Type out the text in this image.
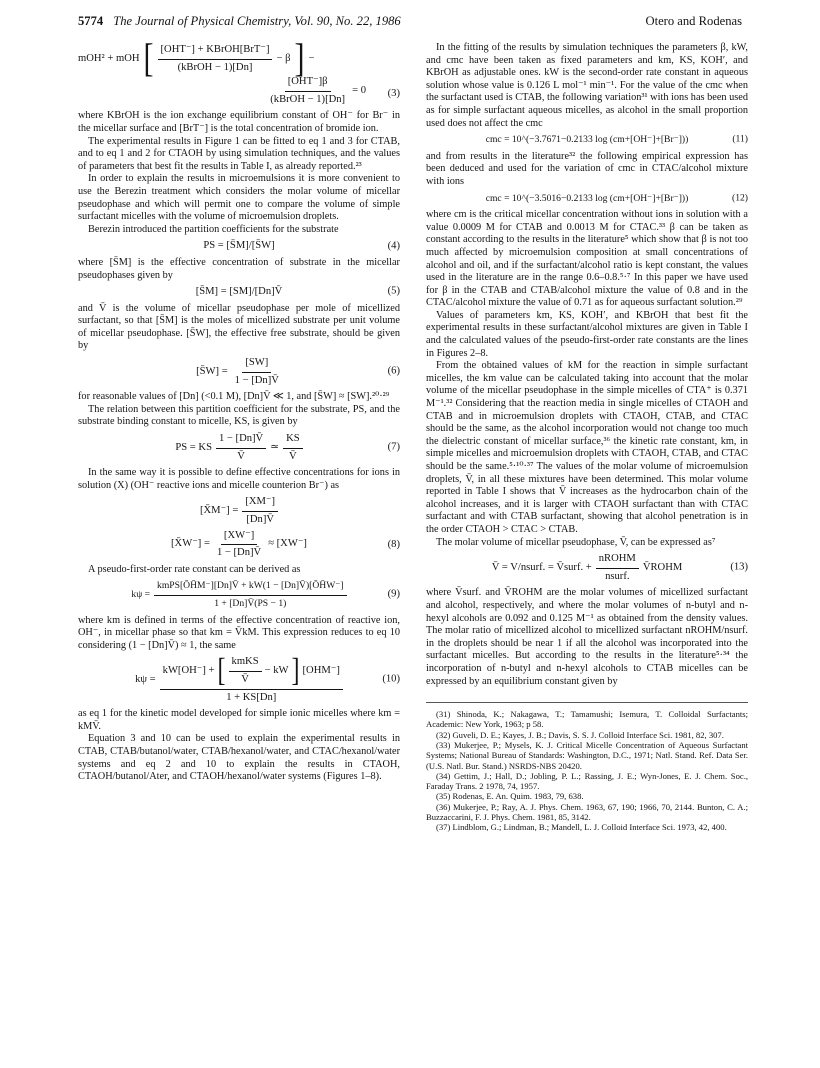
5774 The Journal of Physical Chemistry, Vol. 90, No. 22, 1986	Otero and Rodenas
mOH² + mOH [ $\frac{\text{[OHT⁻] + KBrOH[BrT⁻]}}{\text{(kBrOH − 1)[Dn]}} - \beta$ ] −
$\frac{\text{[OHT⁻]β}}{\text{(kBrOH − 1)[Dn]}} = 0$ (3)

where KBrOH is the ion exchange equilibrium constant of OH⁻ for Br⁻ in the micellar surface and [BrT⁻] is the total concentration of bromide ion.

The experimental results in Figure 1 can be fitted to eq 1 and 3 for CTAB, and to eq 1 and 2 for CTAOH by using simulation techniques, and the values of parameters that best fit the results in Table I, as already reported.²³

In order to explain the results in microemulsions it is more convenient to use the Berezin treatment which considers the molar volume of micellar pseudophase and which will permit one to compare the volume of simple surfactant micelles with the volume of microemulsion droplets.

Berezin introduced the partition coefficients for the substrate

PS = [S̄M]/[S̄W]	(4)

where [S̄M] is the effective concentration of substrate in the micellar pseudophases given by

[S̄M] = [SM]/[Dn]V̄	(5)

and V̄ is the volume of micellar pseudophase per mole of micellized surfactant, so that [S̄M] is the moles of micellized substrate per unit volume of micellar pseudophase. [S̄W], the effective free substrate, should be given by

[S̄W] = $\frac{[SW]}{1 - [Dn]V̄}$	(6)

for reasonable values of [Dn] (<0.1 M), [Dn]V̄ ≪ 1, and [S̄W] ≈ [SW].²⁰·²⁹

The relation between this partition coefficient for the substrate, PS, and the substrate binding constant to micelle, KS, is given by

PS = KS $\frac{1 - [Dn]V̄}{V̄}$ ≃ $\frac{KS}{V̄}$	(7)

In the same way it is possible to define effective concentrations for ions in solution (X) (OH⁻ reactive ions and micelle counterion Br⁻) as

[X̄M⁻] = $\frac{[XM^-]}{[Dn]V̄}$
[X̄W⁻] = $\frac{[XW^-]}{1 - [Dn]V̄} \approx [XW^-]$	(8)

A pseudo-first-order rate constant can be derived as

$k\psi = \frac{\text{kmPS[ŌH̄M⁻][Dn]V̄ + kW(1 − [Dn]V̄)[ŌH̄W⁻]}}{1 + [Dn]V̄(PS - 1)}$	(9)

where km is defined in terms of the effective concentration of reactive ion, OH⁻, in micellar phase so that km = V̄kM. This expression reduces to eq 10 considering (1 − [Dn]V̄) ≈ 1, the same

kψ =
kW[OH⁻] + [ $\frac{\text{kmKS}}{V̄}$ − kW ] [OHM⁻]
1 + KS[Dn]
(10)

as eq 1 for the kinetic model developed for simple ionic micelles where km = kMV̄.

Equation 3 and 10 can be used to explain the experimental results in CTAB, CTAB/butanol/water, CTAB/hexanol/water, and CTAC/hexanol/water systems and eq 2 and 10 to explain the results in CTAOH, CTAOH/butanol/Ater, and CTAOH/hexanol/water systems (Figures 1–8).

In the fitting of the results by simulation techniques the parameters β, kW, and cmc have been taken as fixed parameters and km, KS, KOH′, and KBrOH as adjustable ones. kW is the second-order rate constant in aqueous solution whose value is 0.126 L mol⁻¹ min⁻¹. For the value of the cmc when the surfactant used is CTAB, the following variation³¹ with ions has been used as for simple surfactant aqueous micelles, as alcohol in the small proportion used does not affect the cmc

cmc = 10^(−3.7671−0.2133 log (cm+[OH⁻]+[Br⁻]))	(11)

and from results in the literature³² the following empirical expression has been deduced and used for the variation of cmc in CTAC/alcohol mixture with ions

cmc = 10^(−3.5016−0.2133 log (cm+[OH⁻]+[Br⁻]))	(12)

where cm is the critical micellar concentration without ions in solution with a value 0.0009 M for CTAB and 0.0013 M for CTAC.³³ β can be taken as constant according to the results in the literature⁵ which show that β is not too much affected by microemulsion composition at small concentrations of alcohol and oil, and if the surfactant/alcohol ratio is kept constant, the values used in the literature are in the range 0.6–0.8.⁵·⁷ In this paper we have used for β in the CTAB and CTAB/alcohol mixture the value of 0.8 and in the CTAC/alcohol mixture the value of 0.71 as for aqueous surfactant solution.²⁹

Values of parameters km, KS, KOH′, and KBrOH that best fit the experimental results in these surfactant/alcohol mixtures are given in Table I and the calculated values of the pseudo-first-order rate constants are the lines in Figures 2–8.

From the obtained values of kM for the reaction in simple surfactant micelles, the km value can be calculated taking into account that the molar volume of the micellar pseudophase in the simple micelles of CTA⁺ is 0.371 M⁻¹.³² Considering that the reaction media in single micelles of CTAOH and CTAB and in microemulsion droplets with CTAOH, CTAB, and CTAC should be the same, as the alcohol incorporation would not change too much the dielectric constant of micellar surface,³⁶ the kinetic rate constant, km, in simple micelles and microemulsion droplets with CTAOH, CTAB, and CTAC should be the same.⁵·¹⁰·³⁷ The values of the molar volume of microemulsion droplets, V̄, in all these mixtures have been determined. This molar volume reported in Table I shows that V̄ increases as the hydrocarbon chain of the alcohol increases, and it is larger with CTAOH surfactant than with CTAC surfactant and with CTAB surfactant, showing that alcohol penetration is in the order CTAOH > CTAC > CTAB.

The molar volume of micellar pseudophase, V̄, can be expressed as⁷

V̄ = V/nsurf. = V̄surf. + $\frac{\text{nROHM}}{\text{nsurf.}}$ V̄ROHM	(13)

where V̄surf. and V̄ROHM are the molar volumes of micellized surfactant and alcohol, respectively, and where the molar volumes of n-butyl and n-hexyl alcohols are 0.092 and 0.125 M⁻¹ as obtained from the density values. The molar ratio of micellized alcohol to micellized surfactant nROHM/nsurf. in the droplets should be near 1 if all the alcohol was incorporated into the surfactant micelles. But according to the results in the literature⁵·³⁴ the incorporation of n-butyl and n-hexyl alcohols to CTAB micelles can be expressed by an equilibrium constant given by

(31) Shinoda, K.; Nakagawa, T.; Tamamushi; Isemura, T. Colloidal Surfactants; Academic: New York, 1963; p 58.
(32) Guveli, D. E.; Kayes, J. B.; Davis, S. S. J. Colloid Interface Sci. 1981, 82, 307.
(33) Mukerjee, P.; Mysels, K. J. Critical Micelle Concentration of Aqueous Surfactant Systems; National Bureau of Standards: Washington, D.C., 1971; Natl. Stand. Ref. Data Ser. (U.S. Natl. Bur. Stand.) NSRDS-NBS 20420.
(34) Gettim, J.; Hall, D.; Jobling, P. L.; Rassing, J. E.; Wyn-Jones, E. J. Chem. Soc., Faraday Trans. 2 1978, 74, 1957.
(35) Rodenas, E. An. Quim. 1983, 79, 638.
(36) Mukerjee, P.; Ray, A. J. Phys. Chem. 1963, 67, 190; 1966, 70, 2144. Bunton, C. A.; Buzzaccarini, F. J. Phys. Chem. 1981, 85, 3142.
(37) Lindblom, G.; Lindman, B.; Mandell, L. J. Colloid Interface Sci. 1973, 42, 400.
